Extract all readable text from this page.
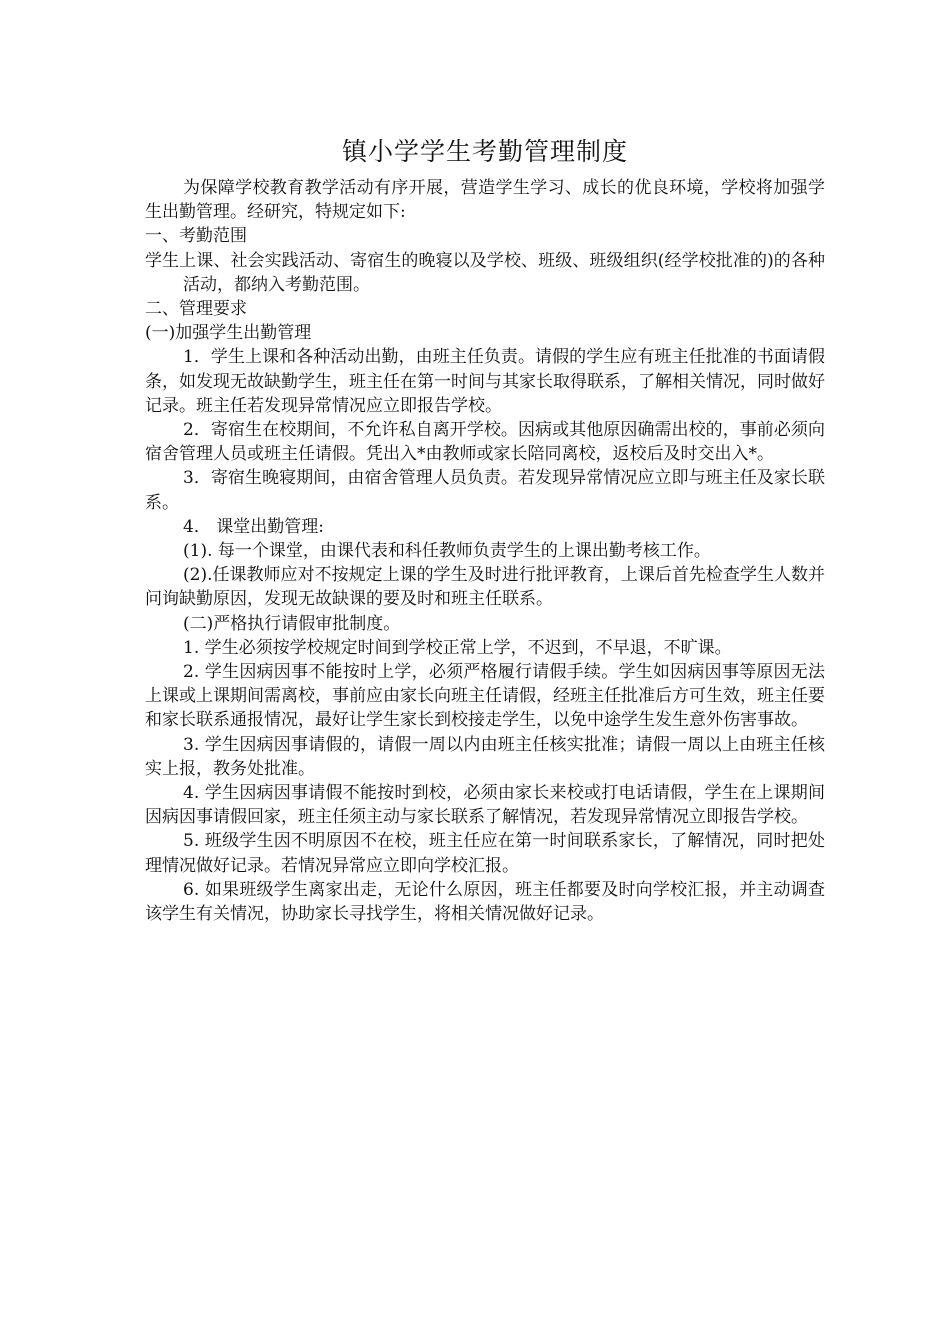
镇小学学生考勤管理制度

为保障学校教育教学活动有序开展，营造学生学习、成长的优良环境，学校将加强学生出勤管理。经研究，特规定如下:

一、考勤范围

学生上课、社会实践活动、寄宿生的晚寝以及学校、班级、班级组织(经学校批准的)的各种活动，都纳入考勤范围。

二、管理要求

(一)加强学生出勤管理

1．学生上课和各种活动出勤，由班主任负责。请假的学生应有班主任批准的书面请假条，如发现无故缺勤学生，班主任在第一时间与其家长取得联系，了解相关情况，同时做好记录。班主任若发现异常情况应立即报告学校。

2．寄宿生在校期间，不允许私自离开学校。因病或其他原因确需出校的，事前必须向宿舍管理人员或班主任请假。凭出入*由教师或家长陪同离校，返校后及时交出入*。

3．寄宿生晚寝期间，由宿舍管理人员负责。若发现异常情况应立即与班主任及家长联系。

4． 课堂出勤管理:

(1). 每一个课堂，由课代表和科任教师负责学生的上课出勤考核工作。

(2).任课教师应对不按规定上课的学生及时进行批评教育，上课后首先检查学生人数并问询缺勤原因，发现无故缺课的要及时和班主任联系。

(二)严格执行请假审批制度。

1. 学生必须按学校规定时间到学校正常上学，不迟到，不早退，不旷课。

2. 学生因病因事不能按时上学，必须严格履行请假手续。学生如因病因事等原因无法上课或上课期间需离校，事前应由家长向班主任请假，经班主任批准后方可生效，班主任要和家长联系通报情况，最好让学生家长到校接走学生，以免中途学生发生意外伤害事故。

3. 学生因病因事请假的，请假一周以内由班主任核实批准；请假一周以上由班主任核实上报，教务处批准。

4. 学生因病因事请假不能按时到校，必须由家长来校或打电话请假，学生在上课期间因病因事请假回家，班主任须主动与家长联系了解情况，若发现异常情况立即报告学校。

5. 班级学生因不明原因不在校，班主任应在第一时间联系家长，了解情况，同时把处理情况做好记录。若情况异常应立即向学校汇报。

6. 如果班级学生离家出走，无论什么原因，班主任都要及时向学校汇报，并主动调查该学生有关情况，协助家长寻找学生，将相关情况做好记录。
